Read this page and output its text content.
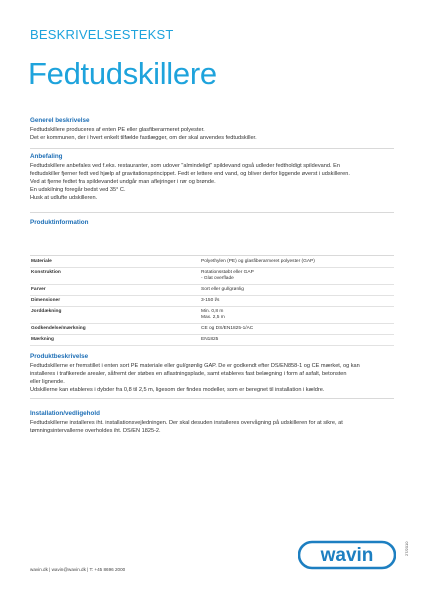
BESKRIVELSESTEKST
Fedtudskillere
Generel beskrivelse

Fedtudskillere produceres af enten PE eller glasfiberarmeret polyester.

Det er kommunen, der i hvert enkelt tilfælde fastlægger, om der skal anvendes fedtudskiller.

Anbefaling

Fedtudskillere anbefales ved f.eks. restauranter, som udover "almindeligt" spildevand også udleder fedtholdigt spildevand. En

fedtudskiller fjerner fedt ved hjælp af gravitationsprincippet. Fedt er lettere end vand, og bliver derfor liggende øverst i udskilleren.

Ved at fjerne fedtet fra spildevandet undgår man aflejringer i rør og brønde.

En udskilning foregår bedst ved 35° C.

Husk at udlufte udskilleren.

Produktinformation
Materiale	Polyethylen (PE) og glasfiberarmeret polyester (GAP)
Konstruktion	Rotationsstøbt eller GAP
- Glat overflade
Farver	Sort eller gul/grønlig
Dimensioner	3-150 l/s
Jorddækning	Min. 0,8 m
Max. 2,5 m
Godkendelse/mærkning	CE og DS/EN1825-1/AC
Mærkning	EN1825
Produktbeskrivelse

Fedtudskillerne er fremstillet i enten sort PE materiale eller gul/grønlig GAP. De er godkendt efter DS/EN858-1 og CE mærket, og kan

installeres i trafikerede arealer, såfremt der støbes en aflastningsplade, samt etableres fast belægning i form af asfalt, betonsten

eller lignende.

Udskillerne kan etableres i dybder fra 0,8 til 2,5 m, ligesom der findes modeller, som er beregnet til installation i kældre.

Installation/vedligehold

Fedtudskillerne installeres iht. installationsvejledningen. Der skal desuden installeres overvågning på udskilleren for at sikre, at

tømningsintervallerne overholdes iht. DS/EN 1825-2.

wavin.dk | wavin@wavin.dk | T: +45 8696 2000
wavin	27/2010
